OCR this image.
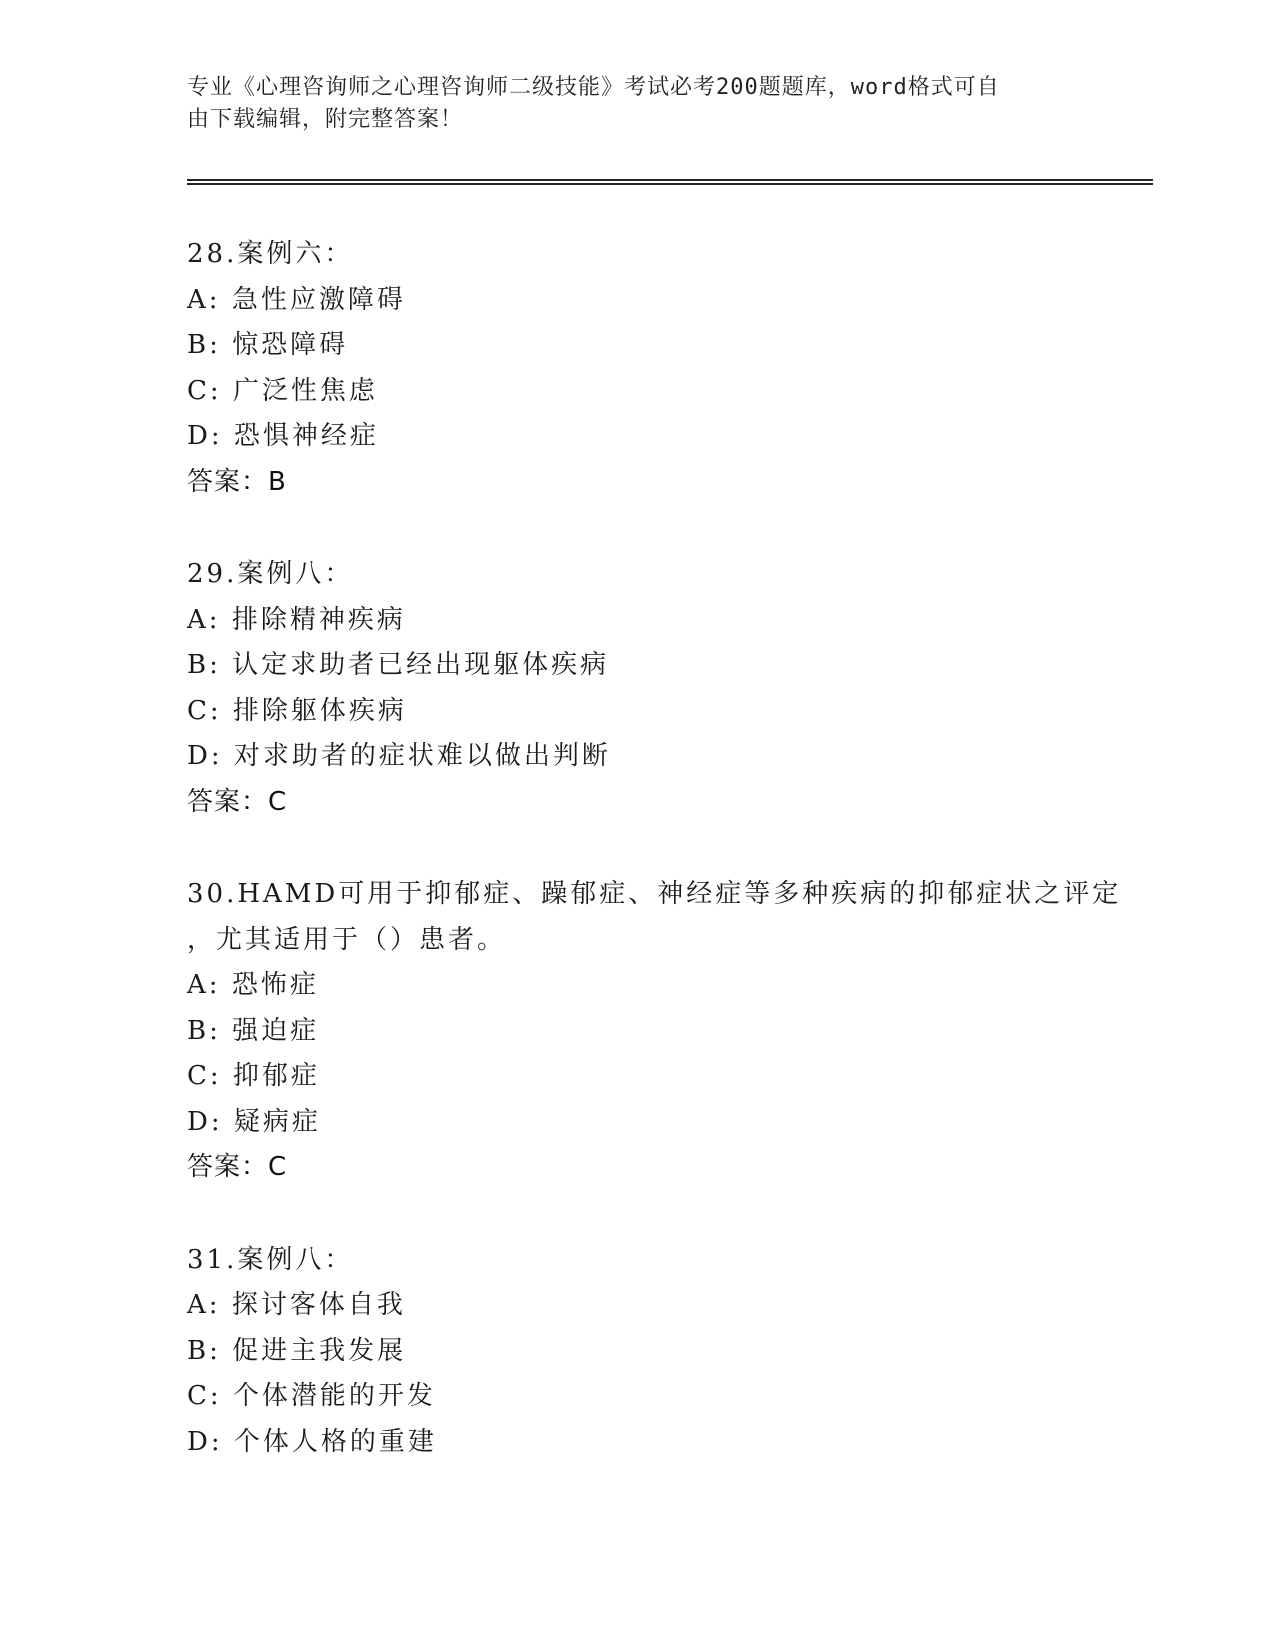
专业《心理咨询师之心理咨询师二级技能》考试必考200题题库，word格式可自
由下载编辑，附完整答案！
28.案例六：
A: 急性应激障碍
B: 惊恐障碍
C: 广泛性焦虑
D: 恐惧神经症
答案：B
29.案例八：
A: 排除精神疾病
B: 认定求助者已经出现躯体疾病
C: 排除躯体疾病
D: 对求助者的症状难以做出判断
答案：C
30.HAMD可用于抑郁症、躁郁症、神经症等多种疾病的抑郁症状之评定
，尤其适用于（）患者。
A: 恐怖症
B: 强迫症
C: 抑郁症
D: 疑病症
答案：C
31.案例八：
A: 探讨客体自我
B: 促进主我发展
C: 个体潜能的开发
D: 个体人格的重建
